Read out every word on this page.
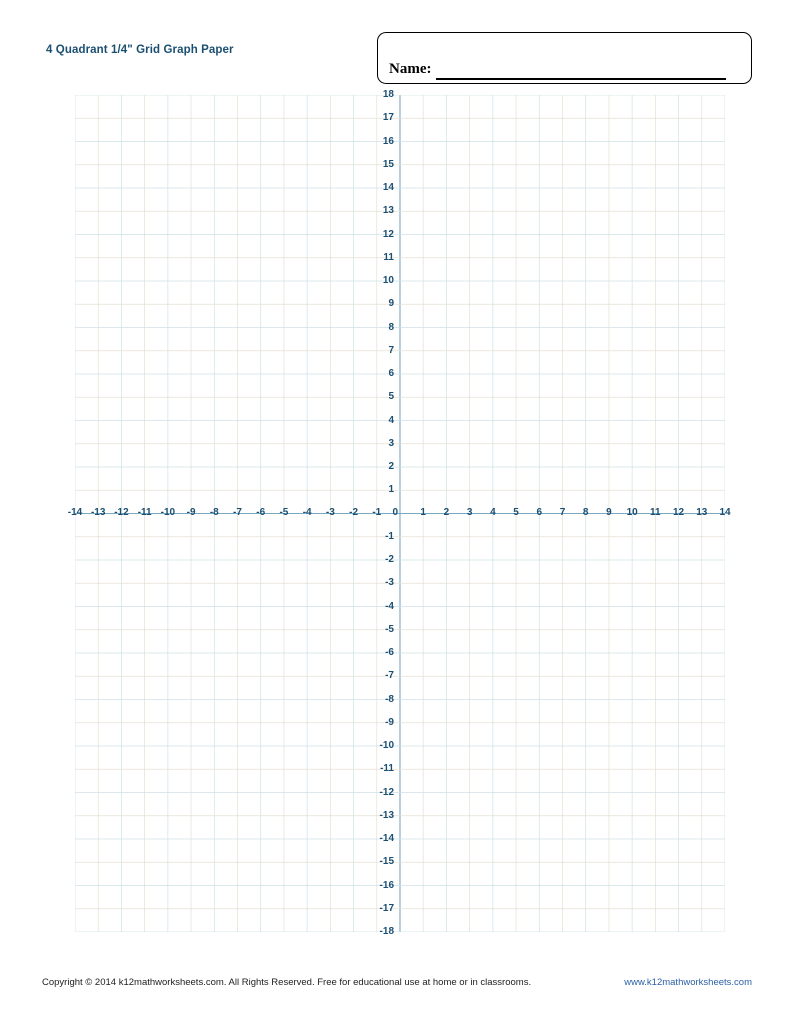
4 Quadrant 1/4" Grid Graph Paper
Name:
18
17
16
15
14
13
12
11
10
9
8
7
6
5
4
3
2
1
-1
-2
-3
-4
-5
-6
-7
-8
-9
-10
-11
-12
-13
-14
-15
-16
-17
-18
-14 -13 -12 -11 -10	-9	-8	-7	-6	-5	-4	-3	-2	-1	1	2	3	4	5	6	7	8	9	10	11	12	13	14
0
Copyright © 2014 k12mathworksheets.com. All Rights Reserved. Free for educational use at home or in classrooms.	www.k12mathworksheets.com
